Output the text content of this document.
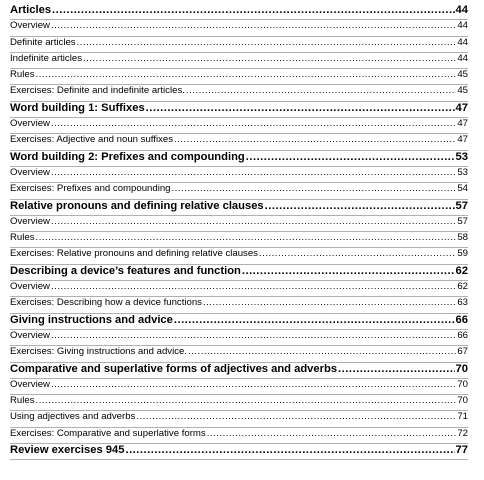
Articles .....	44
Overview .....	44
Definite articles .....	44
Indefinite articles .....	44
Rules .....	45
Exercises: Definite and indefinite articles. .....	45
Word building 1: Suffixes .....	47
Overview .....	47
Exercises: Adjective and noun suffixes .....	47
Word building 2: Prefixes and compounding .....	53
Overview .....	53
Exercises: Prefixes and compounding .....	54
Relative pronouns and defining relative clauses .....	57
Overview .....	57
Rules .....	58
Exercises: Relative pronouns and defining relative clauses .....	59
Describing a device’s features and function .....	62
Overview .....	62
Exercises: Describing how a device functions .....	63
Giving instructions and advice .....	66
Overview .....	66
Exercises: Giving instructions and advice. .....	67
Comparative and superlative forms of adjectives and adverbs .....	70
Overview .....	70
Rules .....	70
Using adjectives and adverbs .....	71
Exercises: Comparative and superlative forms .....	72
Review exercises 945 .....	77
